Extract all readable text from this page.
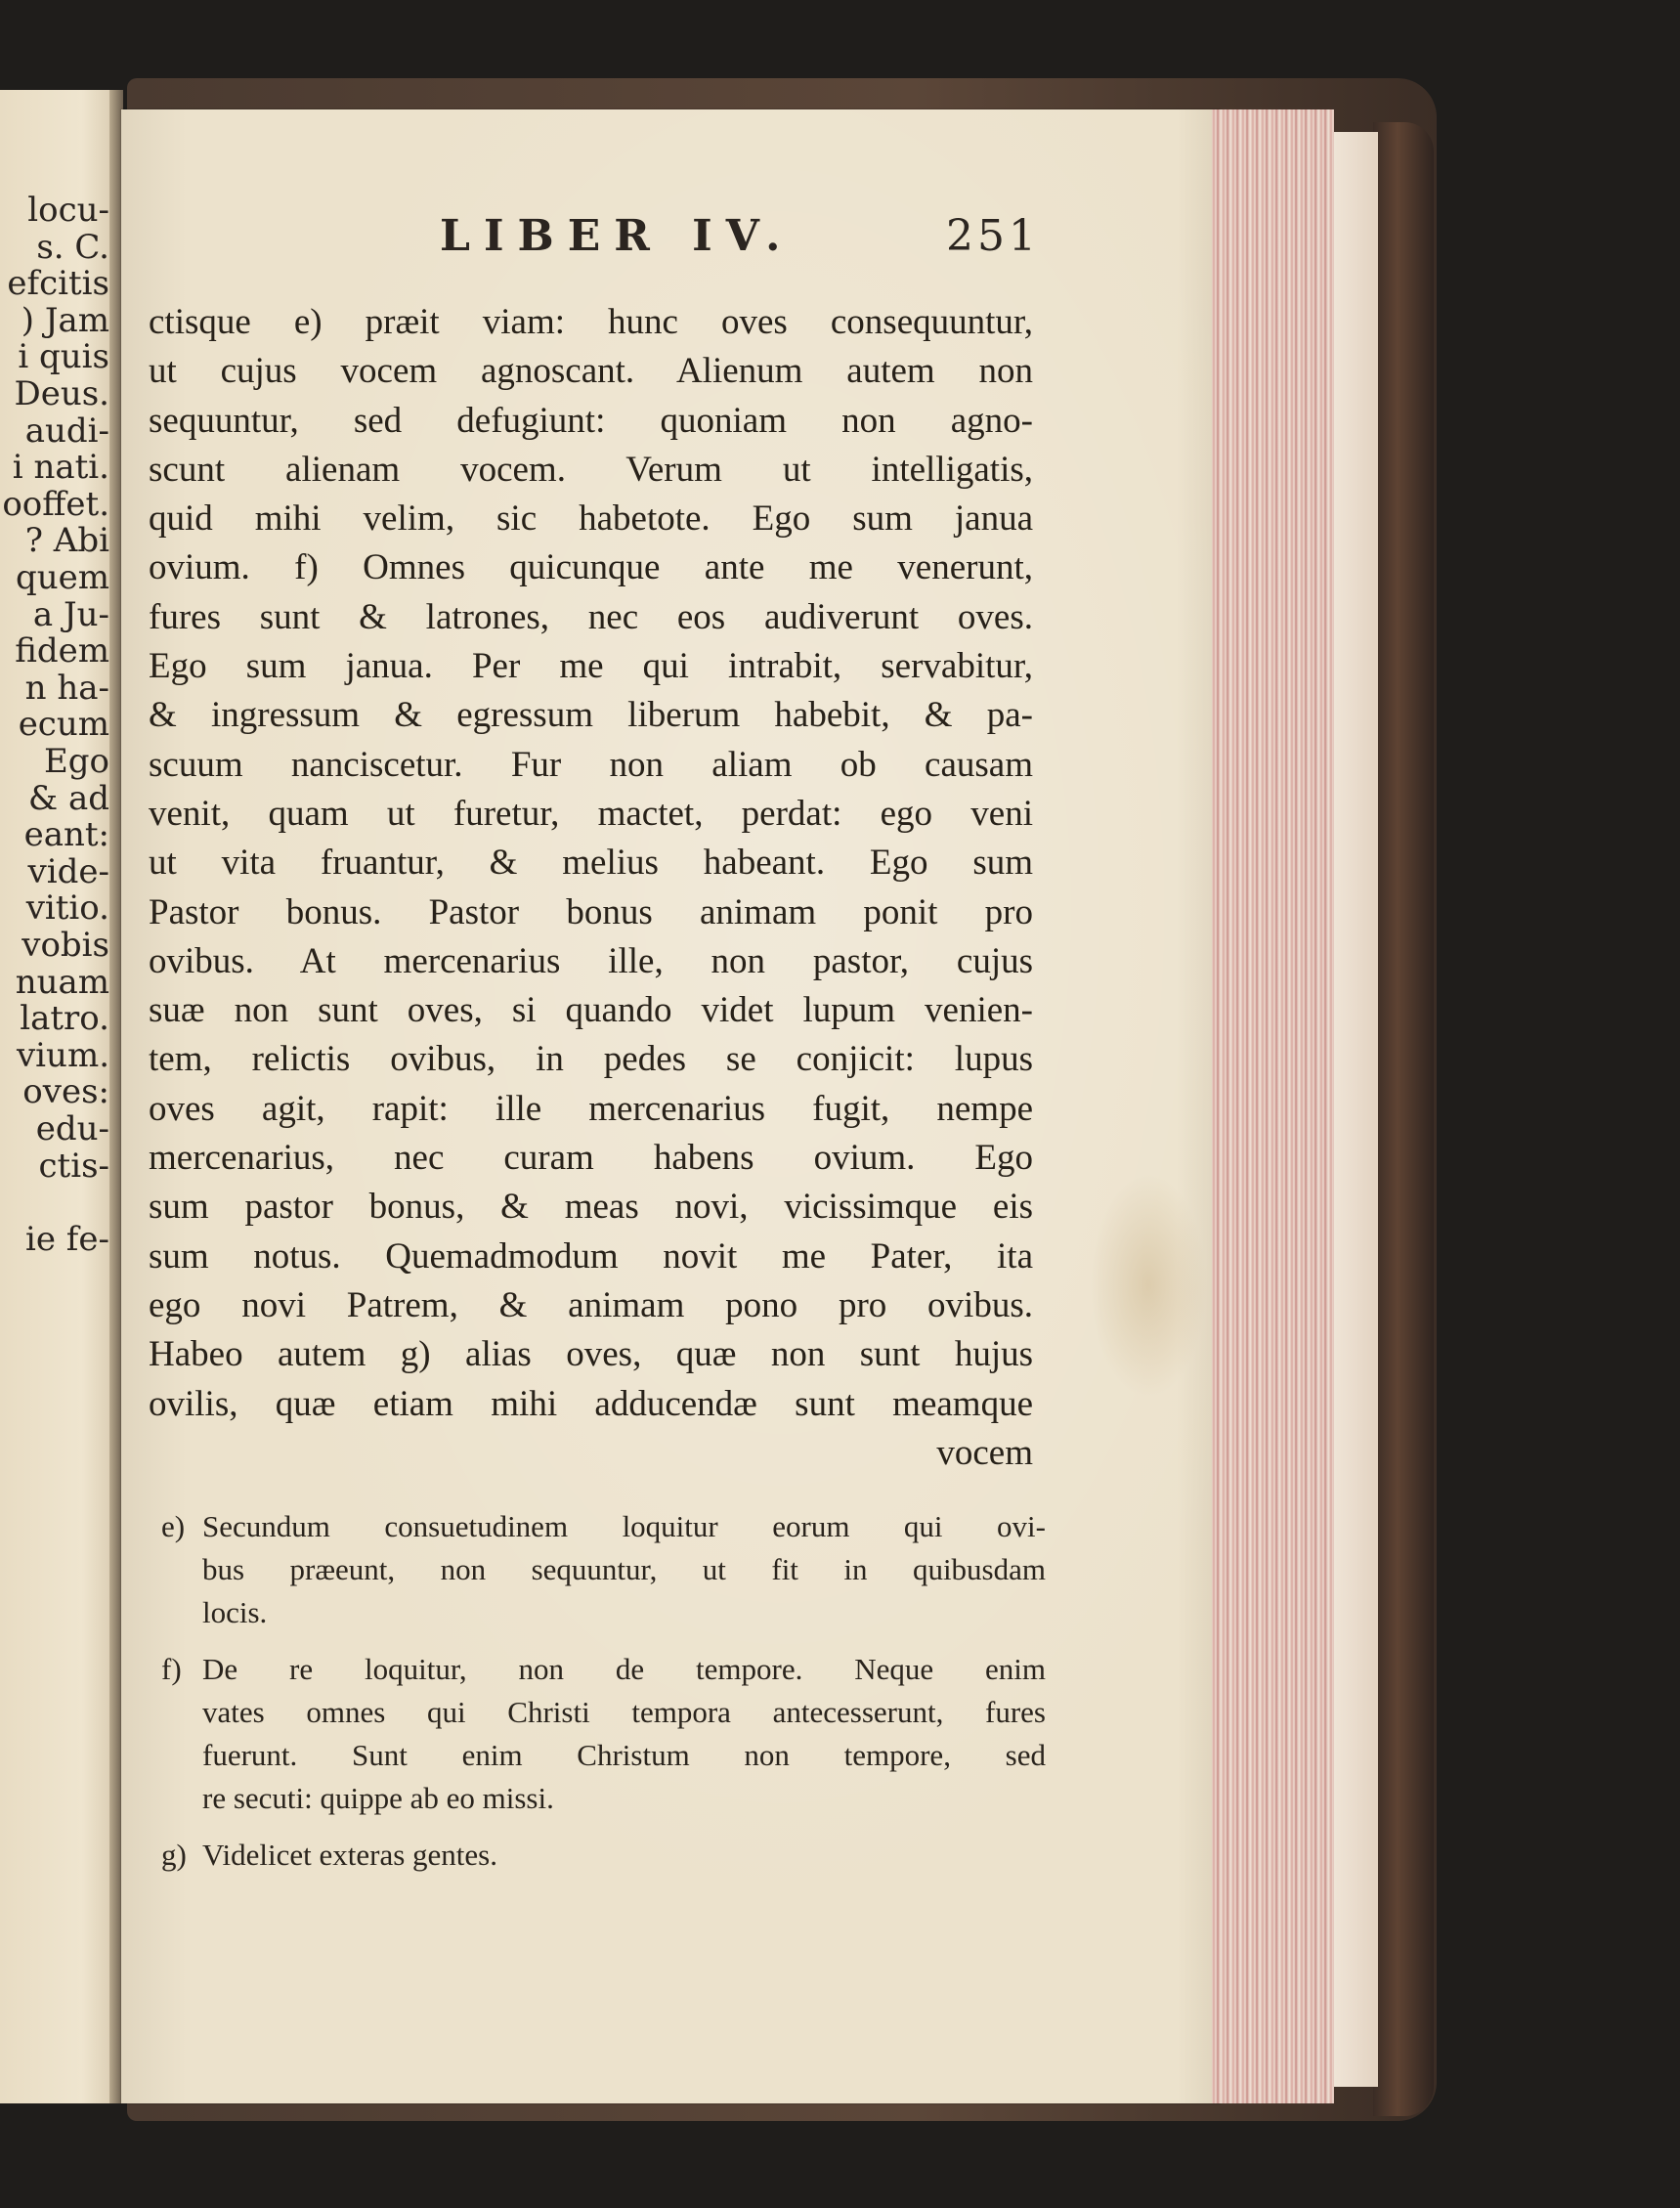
locu-
s. C.
efcitis
) Jam
i quis
Deus.
audi-
i nati.
ooffet.
? Abi
quem
a Ju-
fidem
n ha-
ecum
Ego
& ad
eant:
vide-
vitio.
vobis
nuam
latro.
vium.
oves:
edu-
ctis-
ie fe-
LIBER IV.	251
ctisque e) præit viam: hunc oves consequuntur,
ut cujus vocem agnoscant. Alienum autem non
sequuntur, sed defugiunt: quoniam non agno-
scunt alienam vocem. Verum ut intelligatis,
quid mihi velim, sic habetote. Ego sum janua
ovium. f) Omnes quicunque ante me venerunt,
fures sunt & latrones, nec eos audiverunt oves.
Ego sum janua. Per me qui intrabit, servabitur,
& ingressum & egressum liberum habebit, & pa-
scuum nanciscetur. Fur non aliam ob causam
venit, quam ut furetur, mactet, perdat: ego veni
ut vita fruantur, & melius habeant. Ego sum
Pastor bonus. Pastor bonus animam ponit pro
ovibus. At mercenarius ille, non pastor, cujus
suæ non sunt oves, si quando videt lupum venien-
tem, relictis ovibus, in pedes se conjicit: lupus
oves agit, rapit: ille mercenarius fugit, nempe
mercenarius, nec curam habens ovium. Ego
sum pastor bonus, & meas novi, vicissimque eis
sum notus. Quemadmodum novit me Pater, ita
ego novi Patrem, & animam pono pro ovibus.
Habeo autem g) alias oves, quæ non sunt hujus
ovilis, quæ etiam mihi adducendæ sunt meamque
vocem
e) Secundum consuetudinem loquitur eorum qui ovi-
bus præeunt, non sequuntur, ut fit in quibusdam
locis.
f) De re loquitur, non de tempore. Neque enim
vates omnes qui Christi tempora antecesserunt, fures
fuerunt. Sunt enim Christum non tempore, sed
re secuti: quippe ab eo missi.
g) Videlicet exteras gentes.
